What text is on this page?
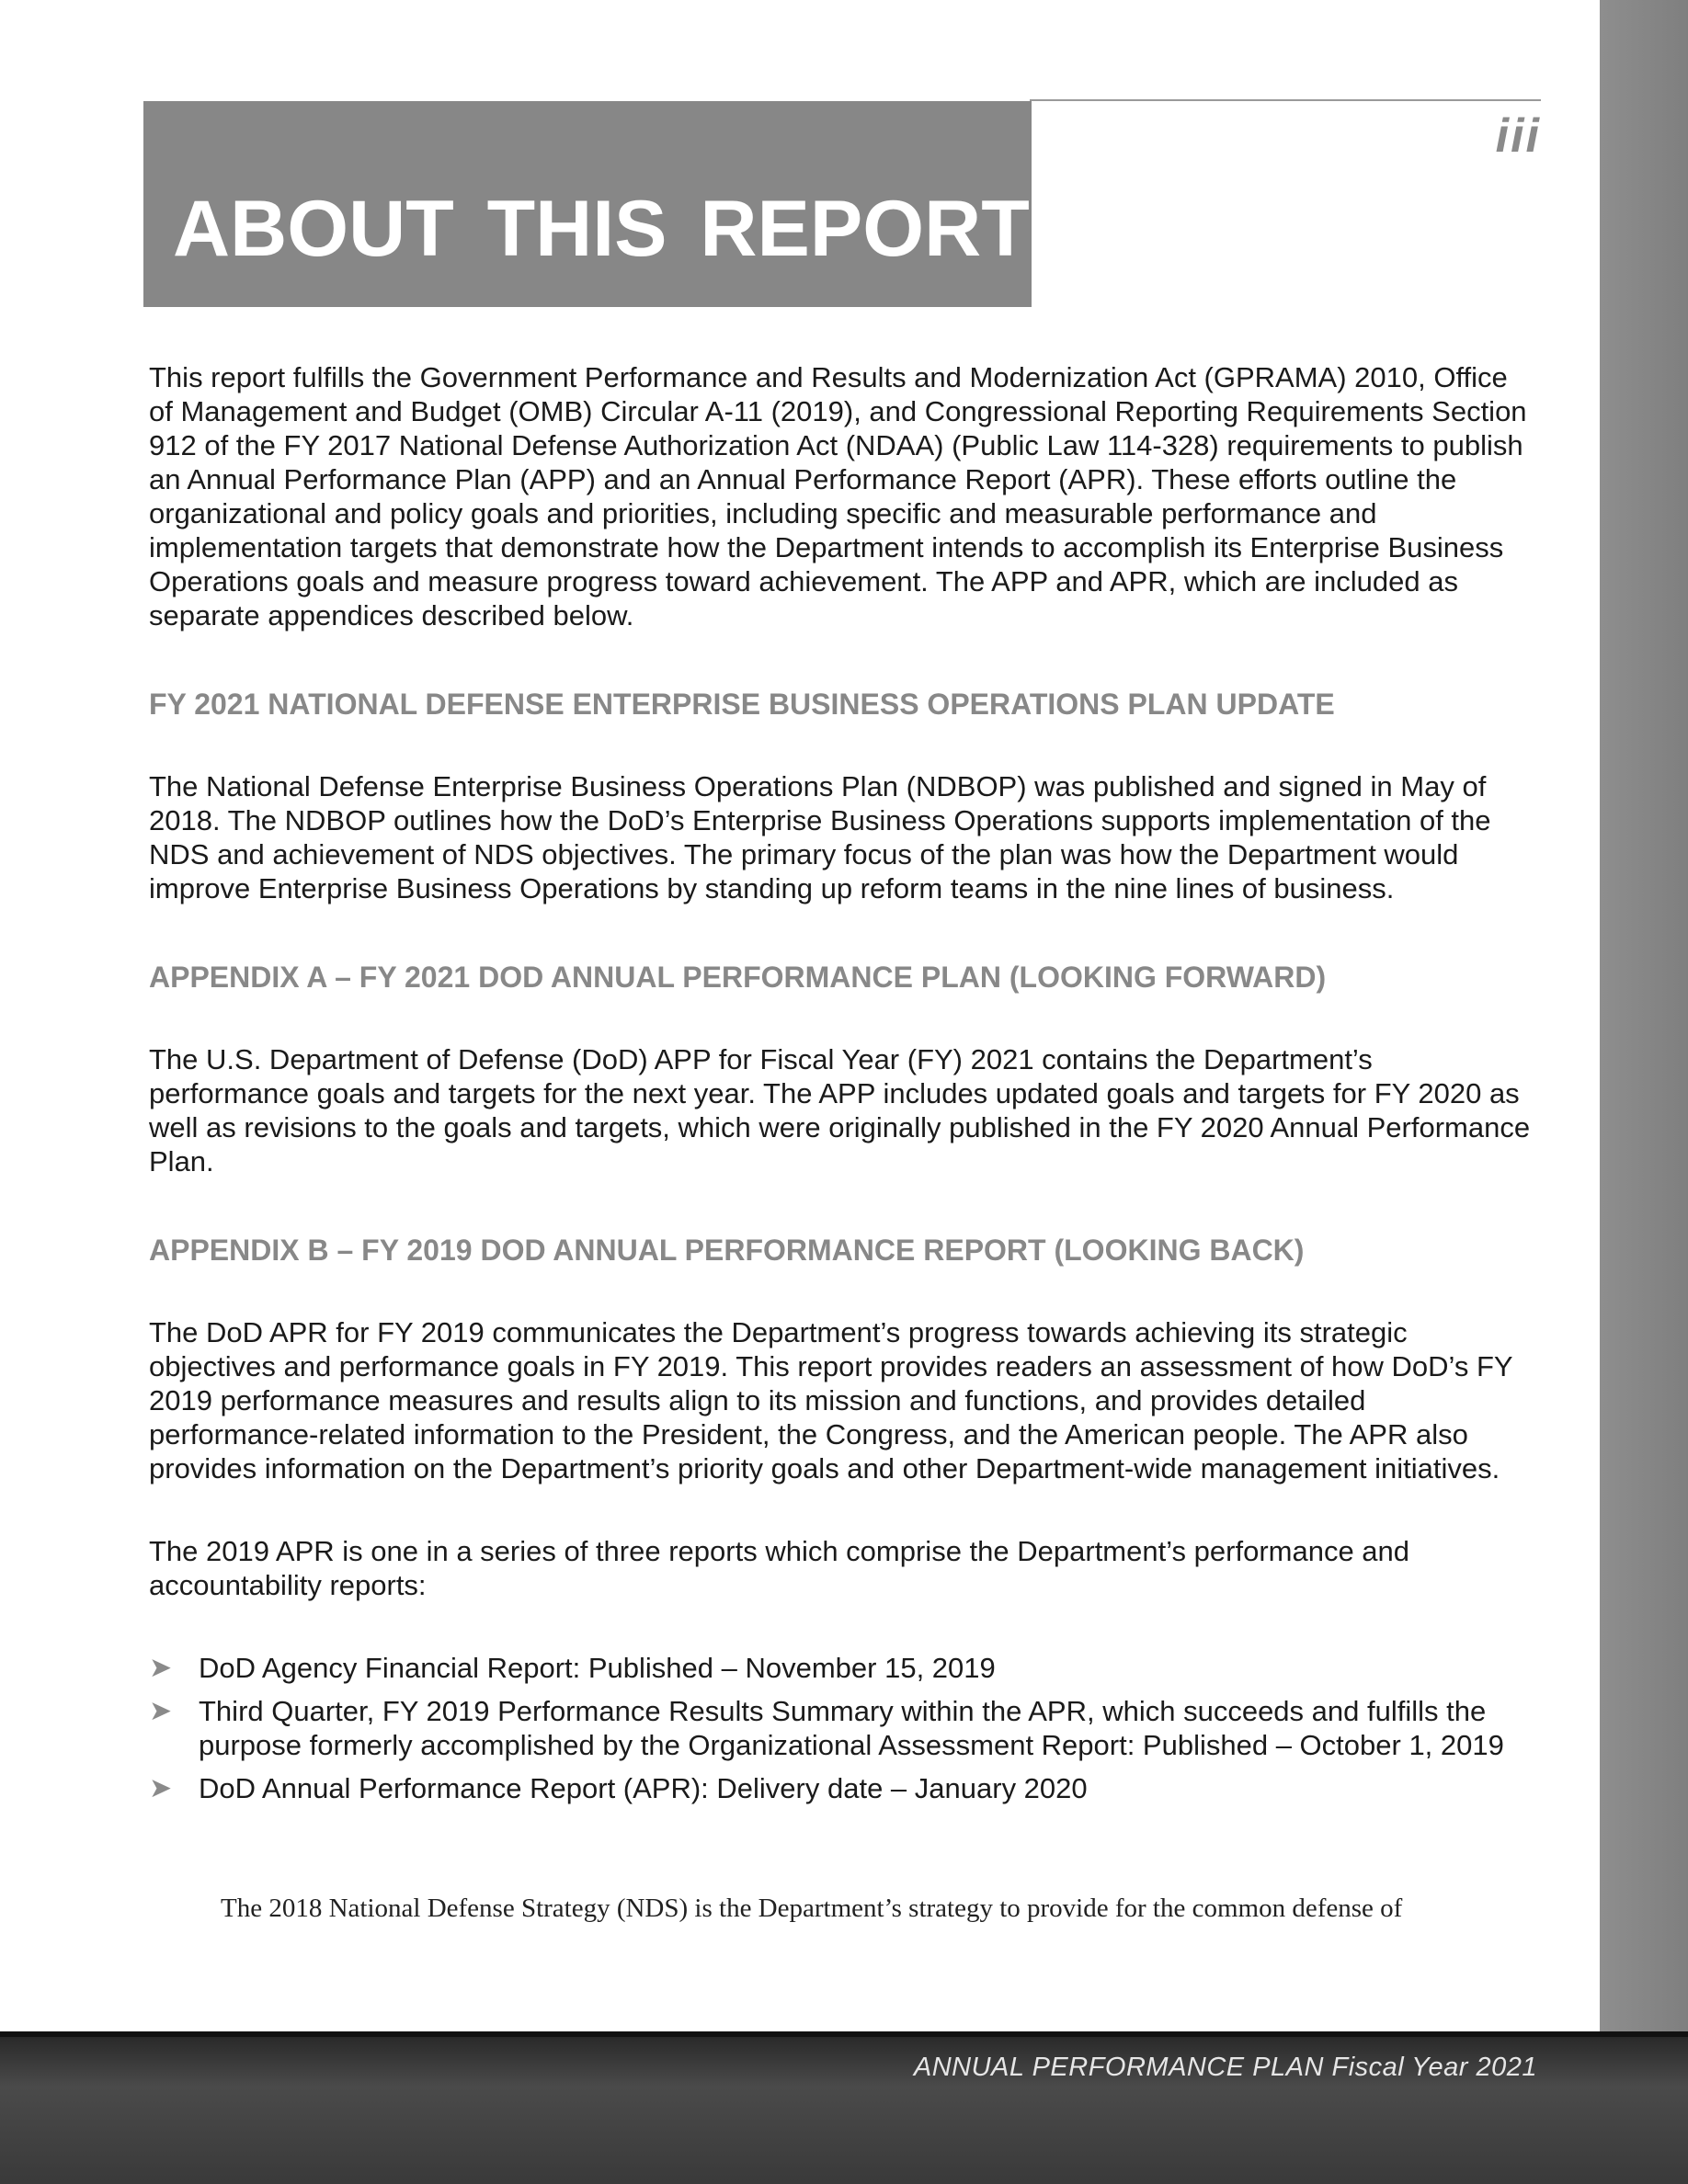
iii
ABOUT THIS REPORT

This report fulfills the Government Performance and Results and Modernization Act (GPRAMA) 2010, Office of Management and Budget (OMB) Circular A-11 (2019), and Congressional Reporting Requirements Section 912 of the FY 2017 National Defense Authorization Act (NDAA) (Public Law 114-328) requirements to publish an Annual Performance Plan (APP) and an Annual Performance Report (APR). These efforts outline the organizational and policy goals and priorities, including specific and measurable performance and implementation targets that demonstrate how the Department intends to accomplish its Enterprise Business Operations goals and measure progress toward achievement. The APP and APR, which are included as separate appendices described below.

FY 2021 NATIONAL DEFENSE ENTERPRISE BUSINESS OPERATIONS PLAN UPDATE

The National Defense Enterprise Business Operations Plan (NDBOP) was published and signed in May of 2018. The NDBOP outlines how the DoD’s Enterprise Business Operations supports implementation of the NDS and achievement of NDS objectives. The primary focus of the plan was how the Department would improve Enterprise Business Operations by standing up reform teams in the nine lines of business.

APPENDIX A – FY 2021 DOD ANNUAL PERFORMANCE PLAN (LOOKING FORWARD)

The U.S. Department of Defense (DoD) APP for Fiscal Year (FY) 2021 contains the Department’s performance goals and targets for the next year. The APP includes updated goals and targets for FY 2020 as well as revisions to the goals and targets, which were originally published in the FY 2020 Annual Performance Plan.

APPENDIX B – FY 2019 DOD ANNUAL PERFORMANCE REPORT (LOOKING BACK)

The DoD APR for FY 2019 communicates the Department’s progress towards achieving its strategic objectives and performance goals in FY 2019. This report provides readers an assessment of how DoD’s FY 2019 performance measures and results align to its mission and functions, and provides detailed performance-related information to the President, the Congress, and the American people. The APR also provides information on the Department’s priority goals and other Department-wide management initiatives.

The 2019 APR is one in a series of three reports which comprise the Department’s performance and accountability reports:

➤ DoD Agency Financial Report: Published – November 15, 2019
➤ Third Quarter, FY 2019 Performance Results Summary within the APR, which succeeds and fulfills the purpose formerly accomplished by the Organizational Assessment Report: Published – October 1, 2019
➤ DoD Annual Performance Report (APR): Delivery date – January 2020
The 2018 National Defense Strategy (NDS) is the Department’s strategy to provide for the common defense of
ANNUAL PERFORMANCE PLAN Fiscal Year 2021
